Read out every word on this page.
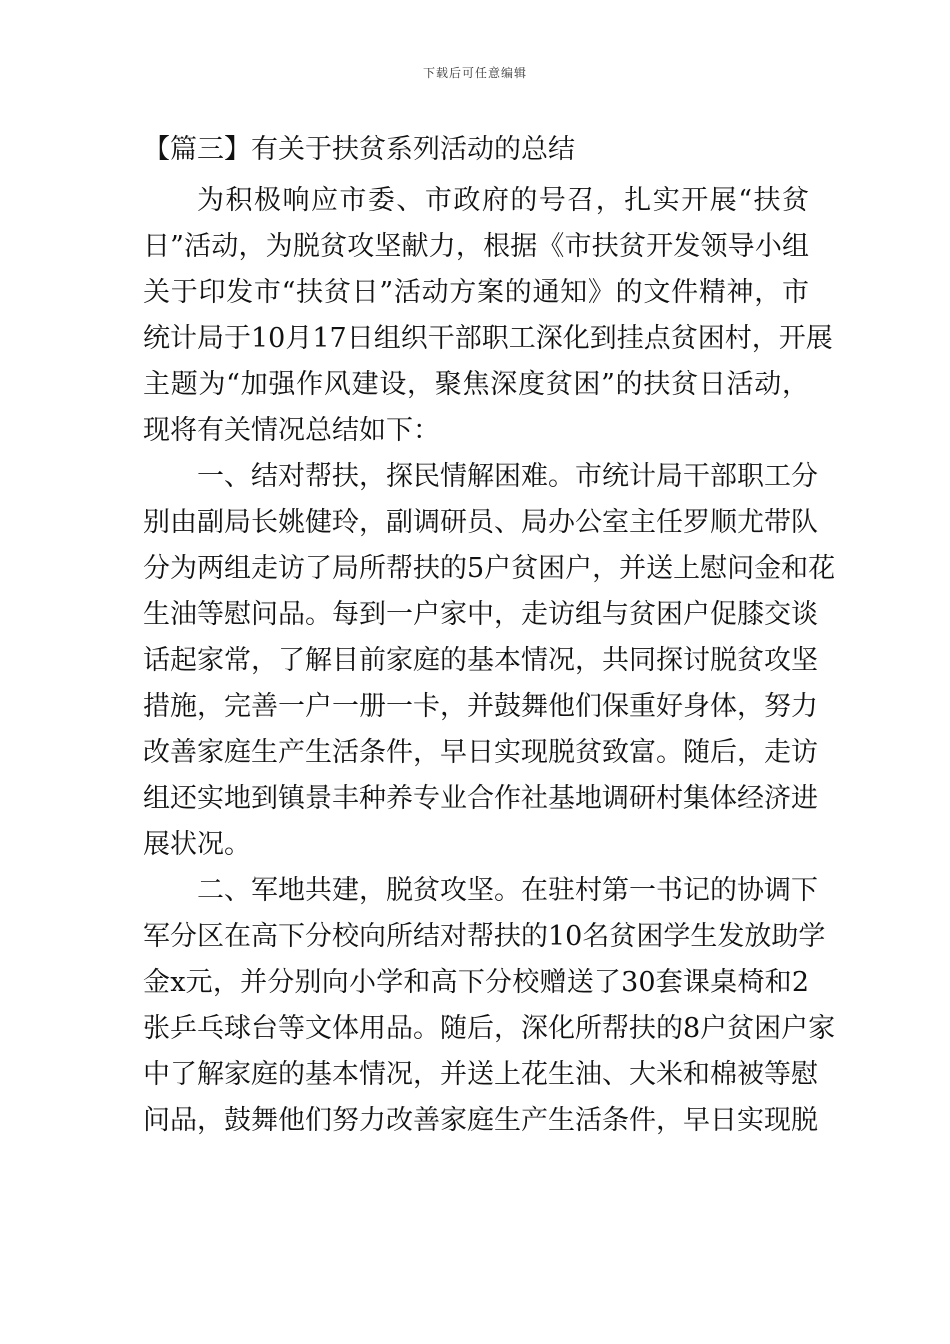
下载后可任意编辑
【篇三】有关于扶贫系列活动的总结
为积极响应市委、市政府的号召，扎实开展“扶贫
日”活动，为脱贫攻坚献力，根据《市扶贫开发领导小组
关于印发市“扶贫日”活动方案的通知》的文件精神，市
统计局于10月17日组织干部职工深化到挂点贫困村，开展
主题为“加强作风建设，聚焦深度贫困”的扶贫日活动，
现将有关情况总结如下：
一、结对帮扶，探民情解困难。市统计局干部职工分
别由副局长姚健玲，副调研员、局办公室主任罗顺尤带队
分为两组走访了局所帮扶的5户贫困户，并送上慰问金和花
生油等慰问品。每到一户家中，走访组与贫困户促膝交谈
话起家常，了解目前家庭的基本情况，共同探讨脱贫攻坚
措施，完善一户一册一卡，并鼓舞他们保重好身体，努力
改善家庭生产生活条件，早日实现脱贫致富。随后，走访
组还实地到镇景丰种养专业合作社基地调研村集体经济进
展状况。
二、军地共建，脱贫攻坚。在驻村第一书记的协调下
军分区在高下分校向所结对帮扶的10名贫困学生发放助学
金x元，并分别向小学和高下分校赠送了30套课桌椅和2
张乒乓球台等文体用品。随后，深化所帮扶的8户贫困户家
中了解家庭的基本情况，并送上花生油、大米和棉被等慰
问品，鼓舞他们努力改善家庭生产生活条件，早日实现脱
